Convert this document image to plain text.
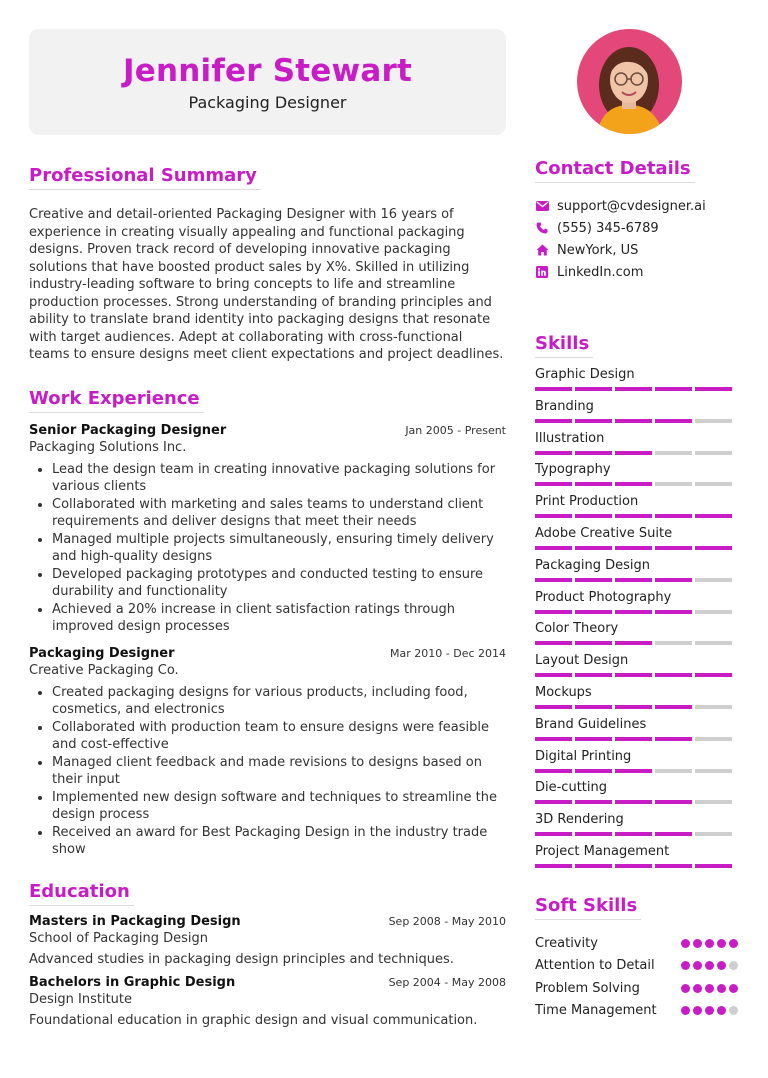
Jennifer Stewart
Packaging Designer
Professional Summary
Creative and detail-oriented Packaging Designer with 16 years of experience in creating visually appealing and functional packaging designs. Proven track record of developing innovative packaging solutions that have boosted product sales by X%. Skilled in utilizing industry-leading software to bring concepts to life and streamline production processes. Strong understanding of branding principles and ability to translate brand identity into packaging designs that resonate with target audiences. Adept at collaborating with cross-functional teams to ensure designs meet client expectations and project deadlines.
Work Experience
Senior Packaging Designer	Jan 2005 - Present
Packaging Solutions Inc.
• Lead the design team in creating innovative packaging solutions for various clients
• Collaborated with marketing and sales teams to understand client requirements and deliver designs that meet their needs
• Managed multiple projects simultaneously, ensuring timely delivery and high-quality designs
• Developed packaging prototypes and conducted testing to ensure durability and functionality
• Achieved a 20% increase in client satisfaction ratings through improved design processes
Packaging Designer	Mar 2010 - Dec 2014
Creative Packaging Co.
• Created packaging designs for various products, including food, cosmetics, and electronics
• Collaborated with production team to ensure designs were feasible and cost-effective
• Managed client feedback and made revisions to designs based on their input
• Implemented new design software and techniques to streamline the design process
• Received an award for Best Packaging Design in the industry trade show
Education
Masters in Packaging Design	Sep 2008 - May 2010
School of Packaging Design
Advanced studies in packaging design principles and techniques.
Bachelors in Graphic Design	Sep 2004 - May 2008
Design Institute
Foundational education in graphic design and visual communication.
Contact Details
support@cvdesigner.ai
(555) 345-6789
NewYork, US
LinkedIn.com
Skills
Graphic Design
Branding
Illustration
Typography
Print Production
Adobe Creative Suite
Packaging Design
Product Photography
Color Theory
Layout Design
Mockups
Brand Guidelines
Digital Printing
Die-cutting
3D Rendering
Project Management
Soft Skills
Creativity
Attention to Detail
Problem Solving
Time Management
